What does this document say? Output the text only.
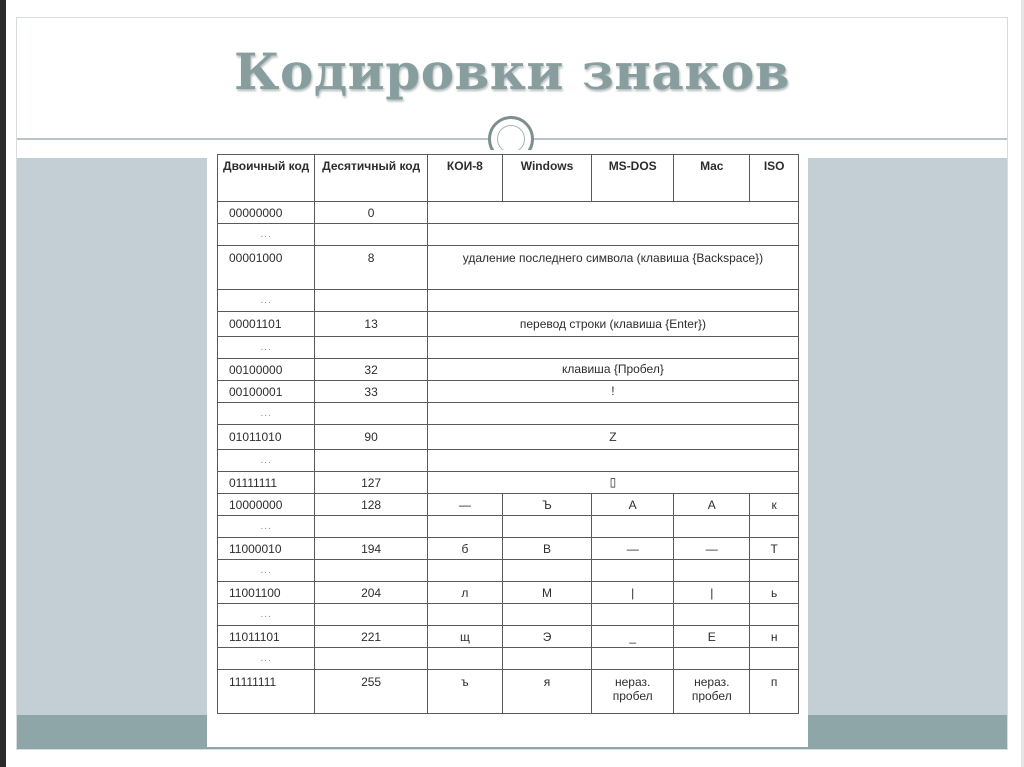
Кодировки знаков
Двоичный код	Десятичный код	КОИ-8	Windows	MS-DOS	Mac	ISO
00000000	0					
...						
00001000	8	удаление последнего символа (клавиша {Backspace})				
...						
00001101	13	перевод строки (клавиша {Enter})				
...						
00100000	32	клавиша {Пробел}				
00100001	33	!				
...						
01011010	90	Z				
...						
01111111	127	▯				
10000000	128	—	Ъ	А	А	к
...						
11000010	194	б	В	—	—	Т
...						
11001100	204	л	М	|	|	ь
...						
11011101	221	щ	Э	_	Е	н
...						
11111111	255	ъ	я	нераз. пробел	нераз. пробел	п
